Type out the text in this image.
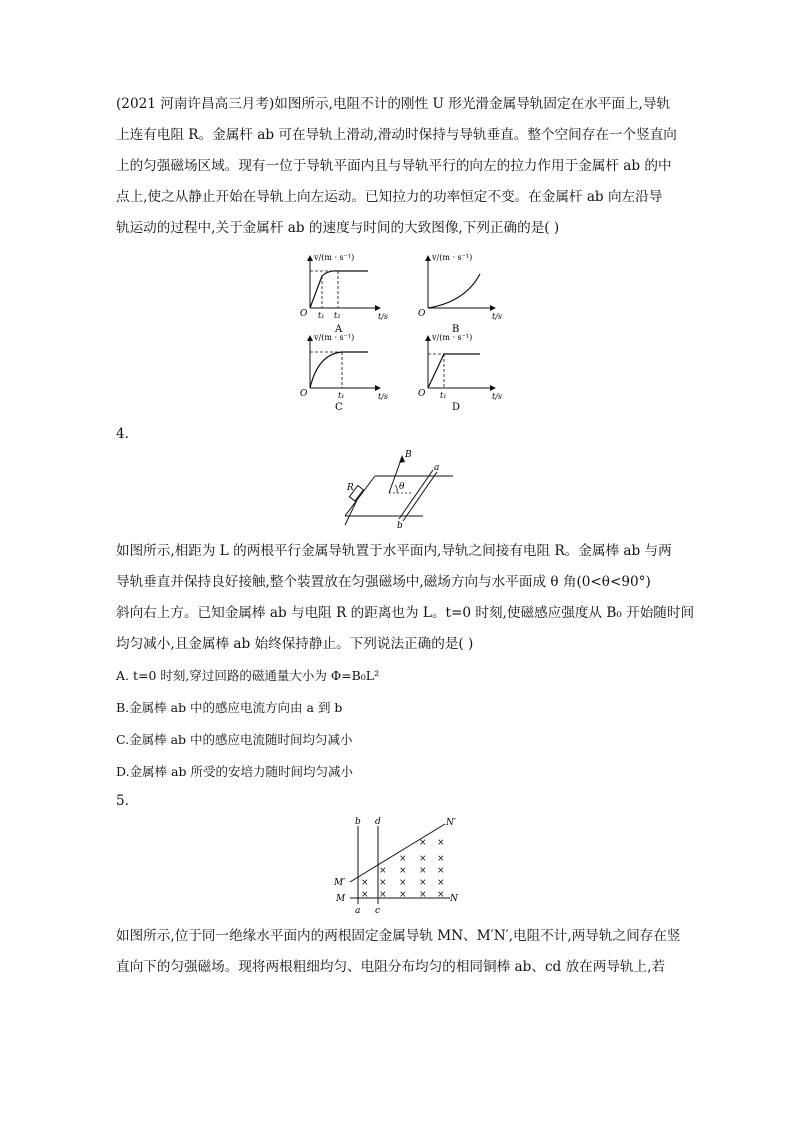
(2021 河南许昌高三月考)如图所示,电阻不计的刚性 U 形光滑金属导轨固定在水平面上,导轨
上连有电阻 R。金属杆 ab 可在导轨上滑动,滑动时保持与导轨垂直。整个空间存在一个竖直向
上的匀强磁场区域。现有一位于导轨平面内且与导轨平行的向左的拉力作用于金属杆 ab 的中
点上,使之从静止开始在导轨上向左运动。已知拉力的功率恒定不变。在金属杆 ab 向左沿导
轨运动的过程中,关于金属杆 ab 的速度与时间的大致图像,下列正确的是( )
v/(m · s⁻¹)
t/s
O t₁ t₂
A
v/(m · s⁻¹)
t/s
O
B
v/(m · s⁻¹)
t/s
O	t₁
C
v/(m · s⁻¹)
t/s
O t₁
D
4.
B
a
b
R	θ
如图所示,相距为 L 的两根平行金属导轨置于水平面内,导轨之间接有电阻 R。金属棒 ab 与两
导轨垂直并保持良好接触,整个装置放在匀强磁场中,磁场方向与水平面成 θ 角(0<θ<90°)
斜向右上方。已知金属棒 ab 与电阻 R 的距离也为 L。t=0 时刻,使磁感应强度从 B₀ 开始随时间
均匀减小,且金属棒 ab 始终保持静止。下列说法正确的是( )
A. t=0 时刻,穿过回路的磁通量大小为 Φ=B₀L²
B.金属棒 ab 中的感应电流方向由 a 到 b
C.金属棒 ab 中的感应电流随时间均匀减小
D.金属棒 ab 所受的安培力随时间均匀减小
5.
× ×
× × ×
× × × ×
× × × × ×
× × × × ×
b d
a c
M
M′
N
N′
如图所示,位于同一绝缘水平面内的两根固定金属导轨 MN、M′N′,电阻不计,两导轨之间存在竖
直向下的匀强磁场。现将两根粗细均匀、电阻分布均匀的相同铜棒 ab、cd 放在两导轨上,若
